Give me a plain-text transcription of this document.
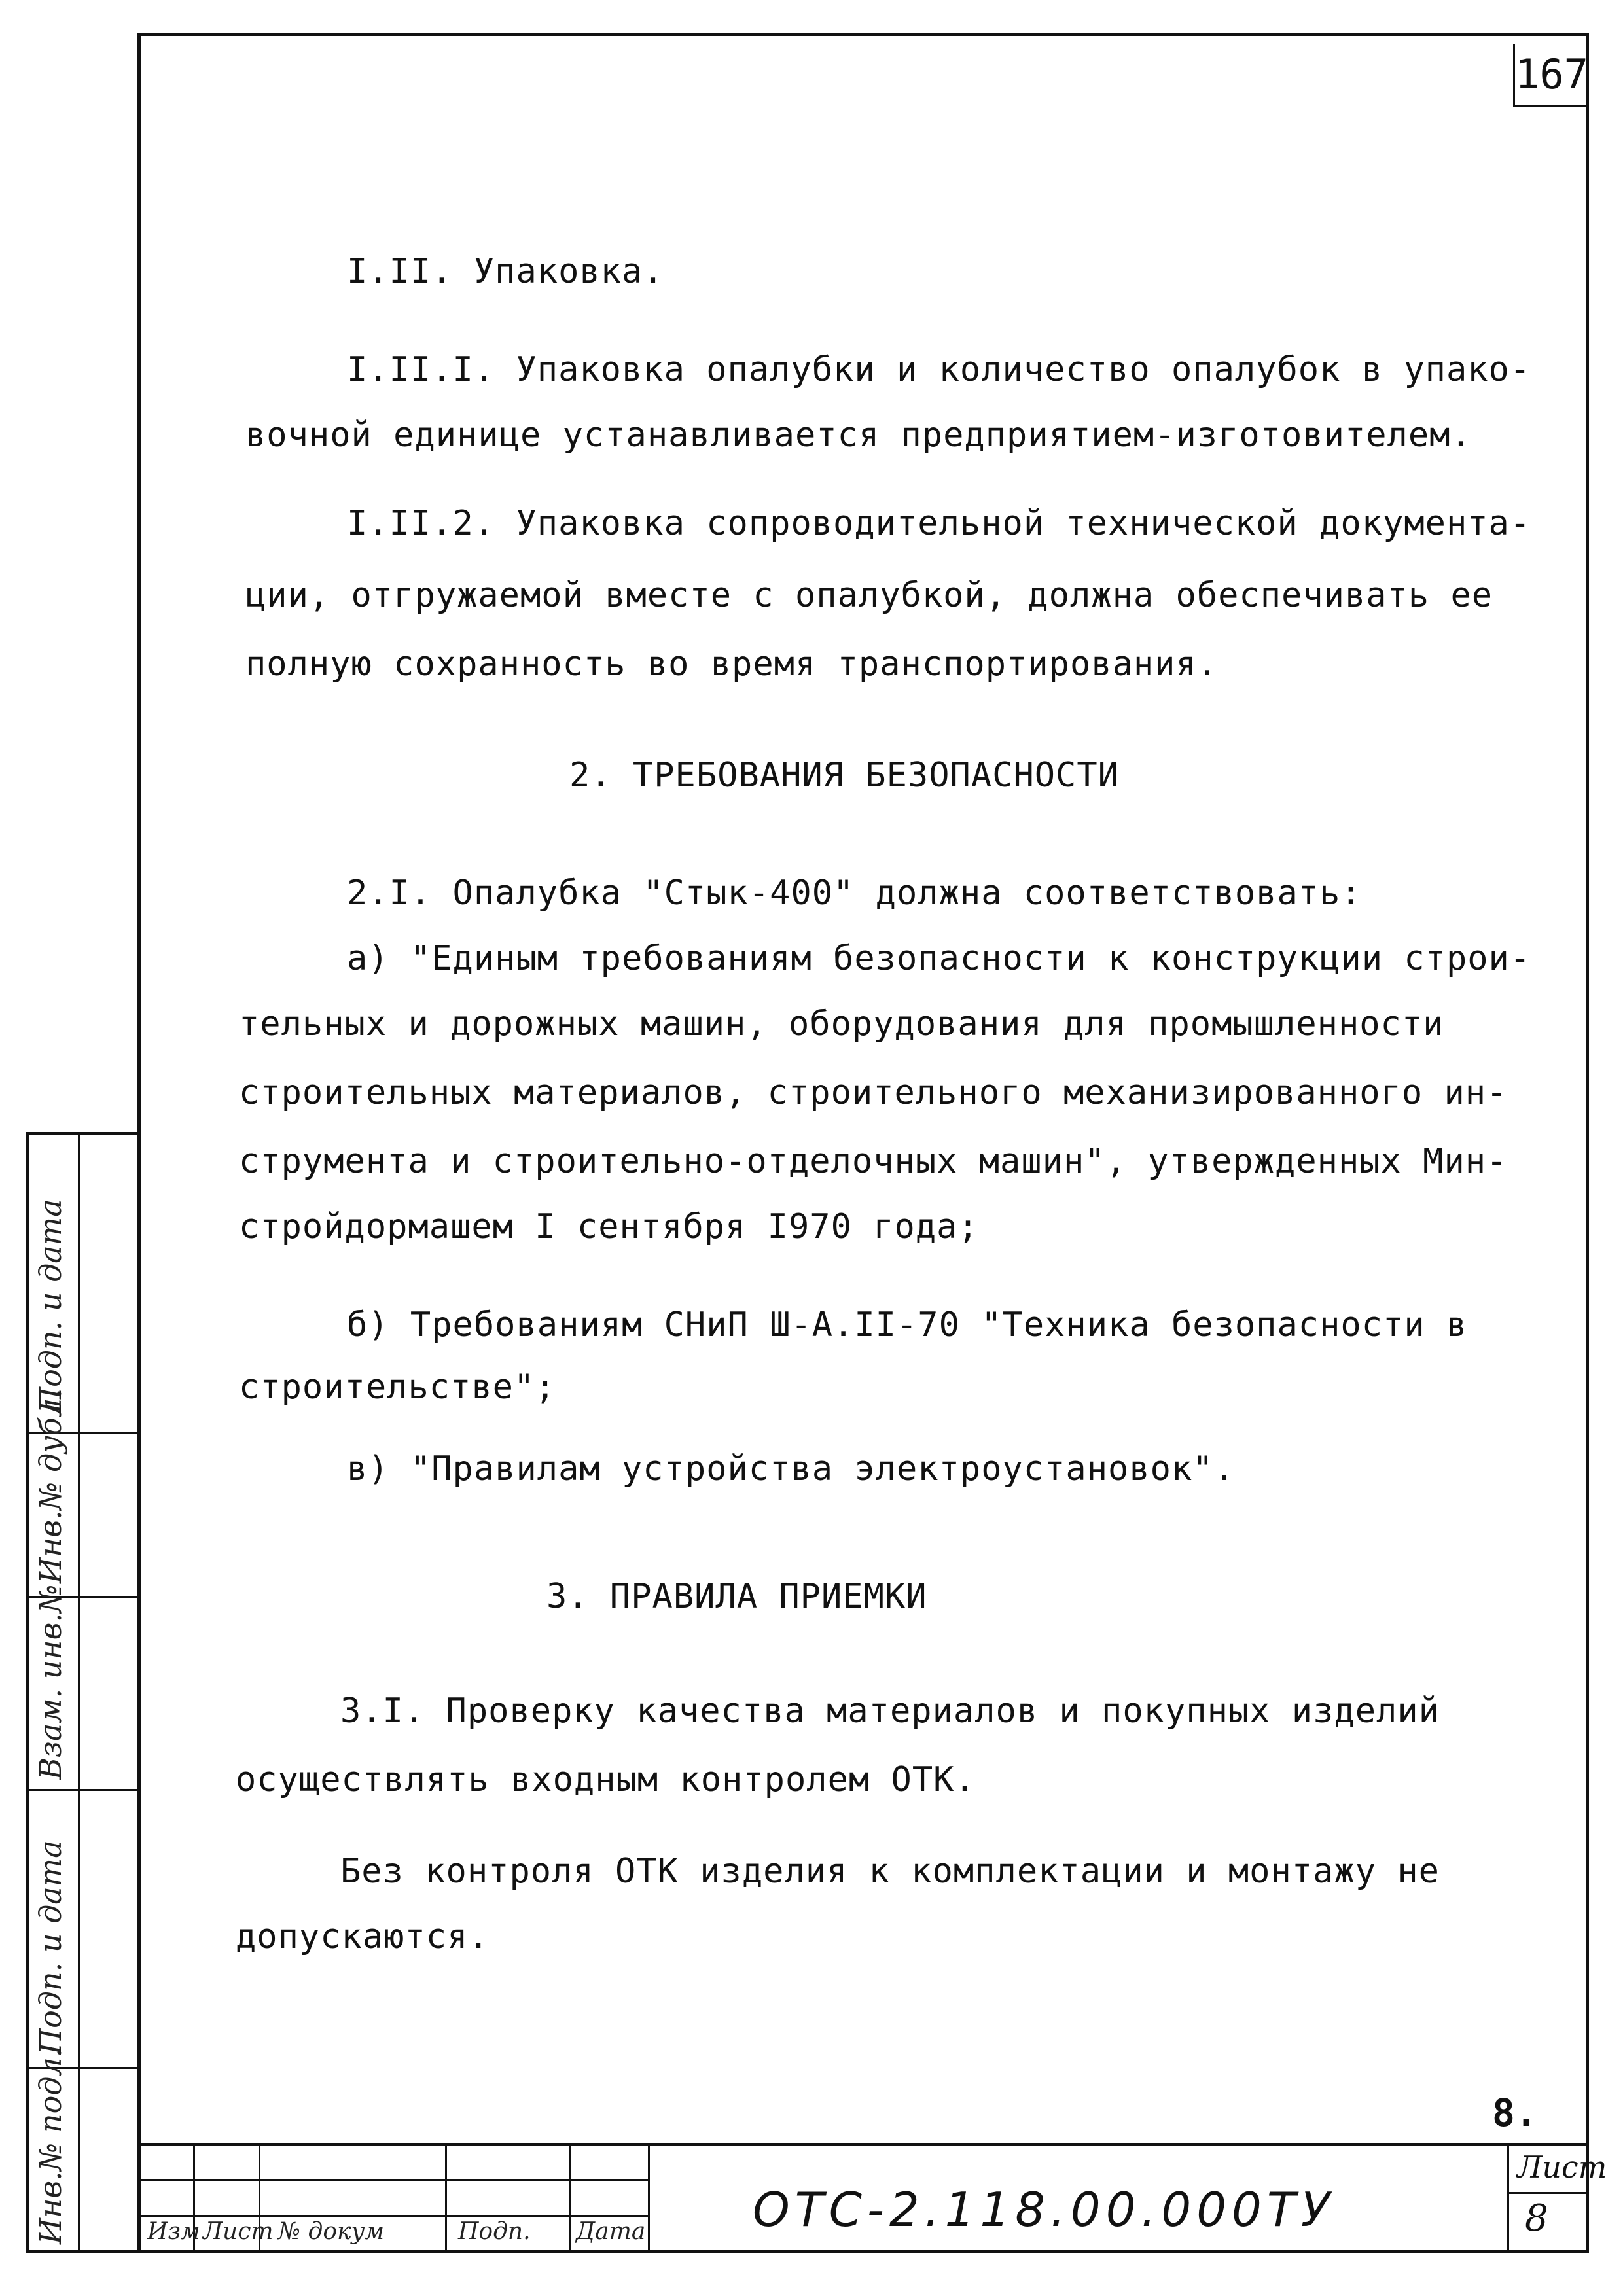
167
I.II. Упаковка.
I.II.I. Упаковка опалубки и количество опалубок в упако-
вочной единице устанавливается предприятием-изготовителем.
I.II.2. Упаковка сопроводительной технической документа-
ции, отгружаемой вместе с опалубкой, должна обеспечивать ее
полную сохранность во время транспортирования.
2. ТРЕБОВАНИЯ БЕЗОПАСНОСТИ
2.I. Опалубка "Стык-400" должна соответствовать:
а) "Единым требованиям безопасности к конструкции строи-
тельных и дорожных машин, оборудования для промышленности
строительных материалов, строительного механизированного ин-
струмента и строительно-отделочных машин", утвержденных Мин-
стройдормашем I сентября I970 года;
б) Требованиям СНиП Ш-А.II-70 "Техника безопасности в
строительстве";
в) "Правилам устройства электроустановок".
3. ПРАВИЛА ПРИЕМКИ
3.I. Проверку качества материалов и покупных изделий
осуществлять входным контролем ОТК.
Без контроля ОТК изделия к комплектации и монтажу не
допускаются.
Инв.№ подл.
Подп. и дата
Взам. инв.№
Инв.№ дубл.
Подп. и дата
Изм Лист № докум	Подп. Дата ОТС-2.118.00.000ТУ
8.
Лист
8
